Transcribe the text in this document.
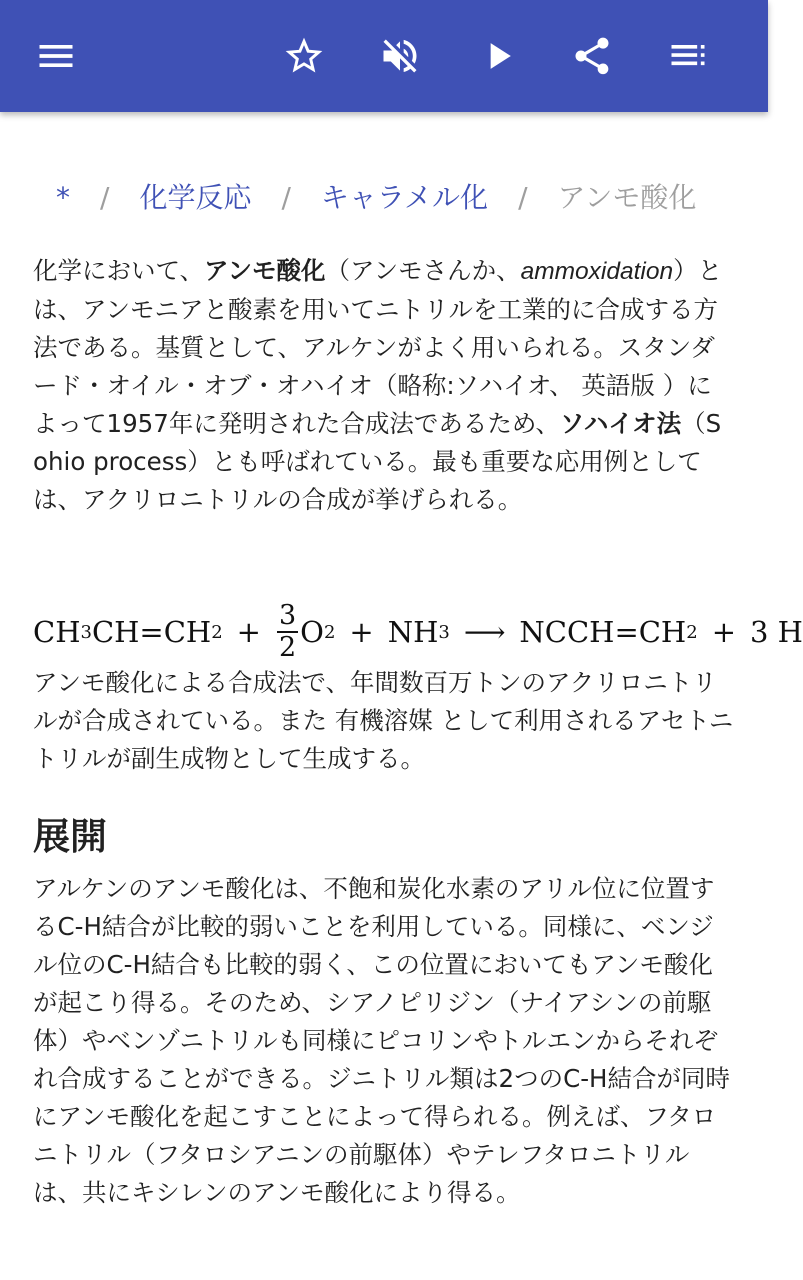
* / 化学反応 / キャラメル化 / アンモ酸化

化学において、アンモ酸化（アンモさんか、ammoxidation）とは、アンモニアと酸素を用いてニトリルを工業的に合成する方法である。基質として、アルケンがよく用いられる。スタンダード・オイル・オブ・オハイオ（略称:ソハイオ、 英語版 ）によって1957年に発明された合成法であるため、ソハイオ法（Sohio process）とも呼ばれている。最も重要な応用例としては、アクリロニトリルの合成が挙げられる。

CH 3 CH=CH $2 + \frac{3}{2}$ O 2 + NH 3 ⟶ NCCH=CH 2 + 3 H

アンモ酸化による合成法で、年間数百万トンのアクリロニトリルが合成されている。また 有機溶媒 として利用されるアセトニトリルが副生成物として生成する。

展開

アルケンのアンモ酸化は、不飽和炭化水素のアリル位に位置するC-H結合が比較的弱いことを利用している。同様に、ベンジル位のC-H結合も比較的弱く、この位置においてもアンモ酸化が起こり得る。そのため、シアノピリジン（ナイアシンの前駆体）やベンゾニトリルも同様にピコリンやトルエンからそれぞれ合成することができる。ジニトリル類は2つのC-H結合が同時にアンモ酸化を起こすことによって得られる。例えば、フタロニトリル（フタロシアニンの前駆体）やテレフタロニトリルは、共にキシレンのアンモ酸化により得る。
